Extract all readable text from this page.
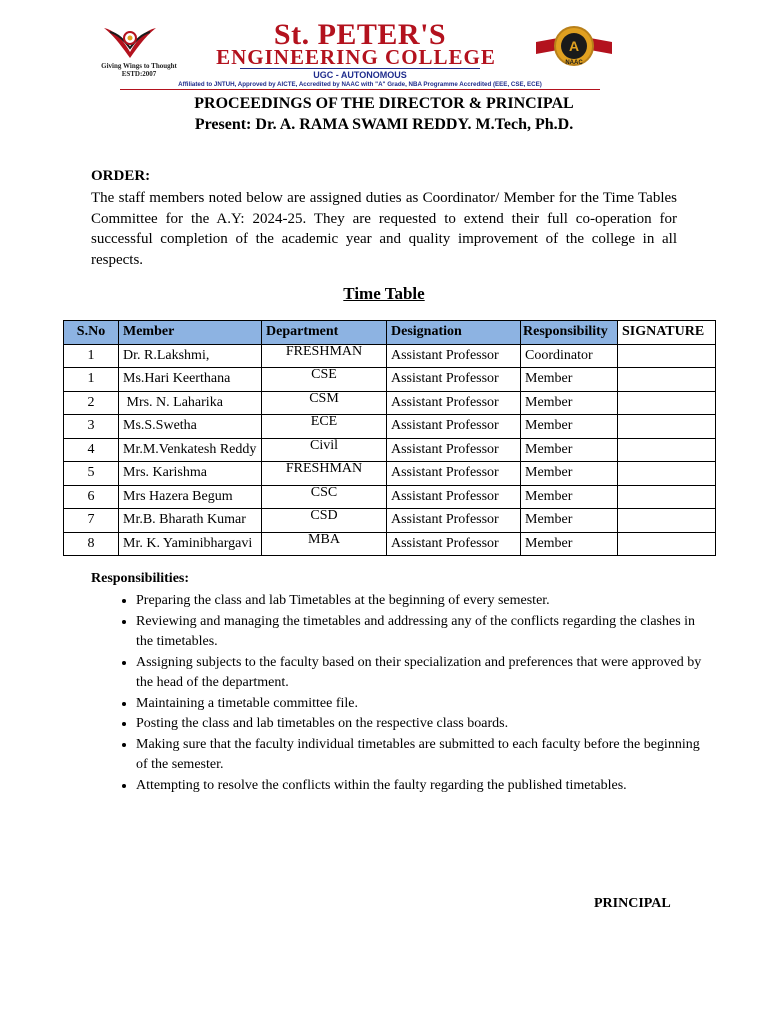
Giving Wings to Thought
ESTD:2007
St. PETER'S
ENGINEERING COLLEGE
UGC - AUTONOMOUS
Affiliated to JNTUH, Approved by AICTE, Accredited by NAAC with "A" Grade, NBA Programme Accredited (EEE, CSE, ECE)
A
NAAC
PROCEEDINGS OF THE DIRECTOR & PRINCIPAL
Present: Dr. A. RAMA SWAMI REDDY. M.Tech, Ph.D.
ORDER:
The staff members noted below are assigned duties as Coordinator/ Member for the Time Tables Committee for the A.Y: 2024-25. They are requested to extend their full co-operation for successful completion of the academic year and quality improvement of the college in all respects.
Time Table
S.No	Member	Department	Designation	Responsibility	SIGNATURE
1	Dr. R.Lakshmi,	FRESHMAN	Assistant Professor	Coordinator	
1	Ms.Hari Keerthana	CSE	Assistant Professor	Member	
2	Mrs. N. Laharika	CSM	Assistant Professor	Member	
3	Ms.S.Swetha	ECE	Assistant Professor	Member	
4	Mr.M.Venkatesh Reddy	Civil	Assistant Professor	Member	
5	Mrs. Karishma	FRESHMAN	Assistant Professor	Member	
6	Mrs Hazera Begum	CSC	Assistant Professor	Member	
7	Mr.B. Bharath Kumar	CSD	Assistant Professor	Member	
8	Mr. K. Yaminibhargavi	MBA	Assistant Professor	Member	
Responsibilities:
• Preparing the class and lab Timetables at the beginning of every semester.
• Reviewing and managing the timetables and addressing any of the conflicts regarding the clashes in the timetables.
• Assigning subjects to the faculty based on their specialization and preferences that were approved by the head of the department.
• Maintaining a timetable committee file.
• Posting the class and lab timetables on the respective class boards.
• Making sure that the faculty individual timetables are submitted to each faculty before the beginning of the semester.
• Attempting to resolve the conflicts within the faulty regarding the published timetables.
PRINCIPAL
